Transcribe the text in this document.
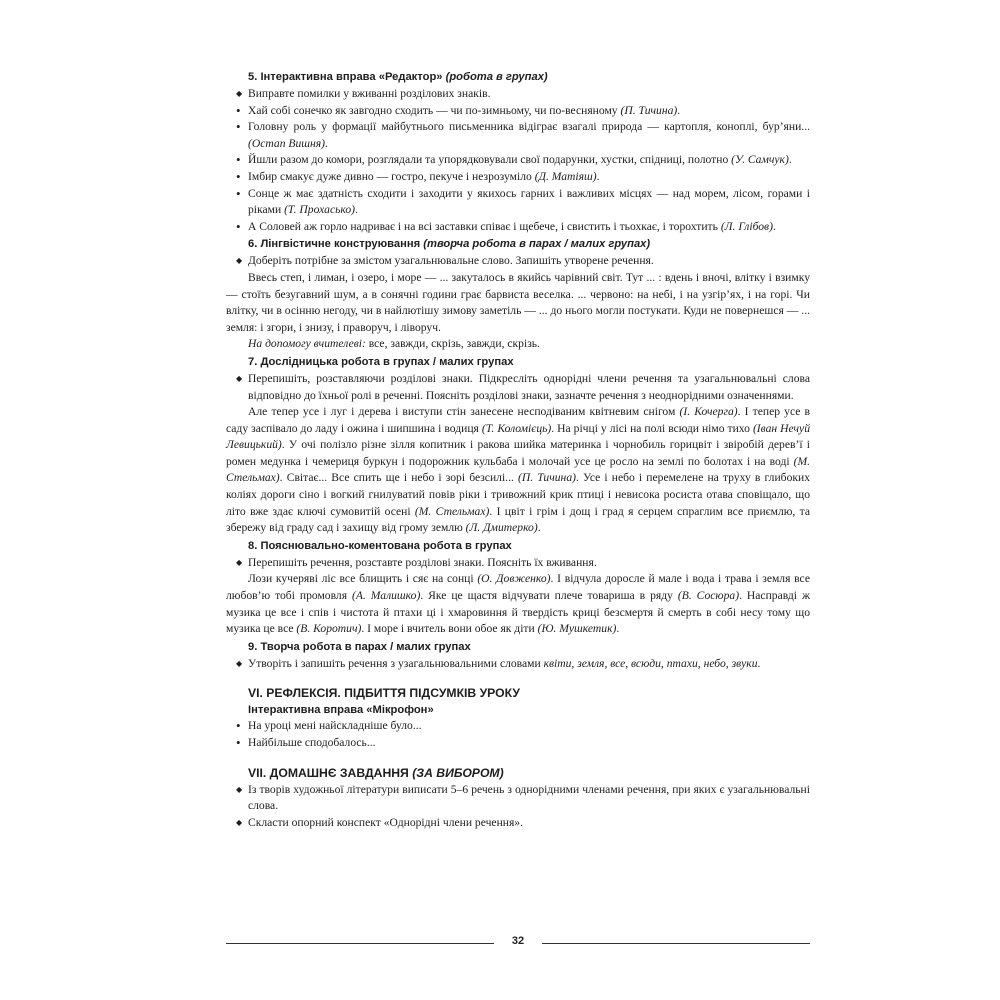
5. Інтерактивна вправа «Редактор» (робота в групах)
◆ Виправте помилки у вживанні розділових знаків.
• Хай собі сонечко як завгодно сходить — чи по-зимньому, чи по-весняному (П. Тичина).
• Головну роль у формації майбутнього письменника відіграє взагалі природа — картопля, коноплі, бур’яни... (Остап Вишня).
• Йшли разом до комори, розглядали та упорядковували свої подарунки, хустки, спідниці, полотно (У. Самчук).
• Імбир смакує дуже дивно — гостро, пекуче і незрозуміло (Д. Матіяш).
• Сонце ж має здатність сходити і заходити у якихось гарних і важливих місцях — над морем, лісом, горами і ріками (Т. Прохасько).
• А Соловей аж горло надриває і на всі заставки співає і щебече, і свистить і тьохкає, і торохтить (Л. Глібов).
6. Лінгвістичне конструювання (творча робота в парах / малих групах)
◆ Доберіть потрібне за змістом узагальнювальне слово. Запишіть утворене речення.
Ввесь степ, і лиман, і озеро, і море — ... закуталось в якийсь чарівний світ. Тут ... : вдень і вночі, влітку і взимку — стоїть безугавний шум, а в сонячні години грає барвиста веселка. ... червоно: на небі, і на узгір’ях, і на горі. Чи влітку, чи в осінню негоду, чи в найлютішу зимову заметіль — ... до нього могли постукати. Куди не повернешся — ... земля: і згори, і знизу, і праворуч, і ліворуч.
На допомогу вчителеві: все, завжди, скрізь, завжди, скрізь.
7. Дослідницька робота в групах / малих групах
◆ Перепишіть, розставляючи розділові знаки. Підкресліть однорідні члени речення та узагальнювальні слова відповідно до їхньої ролі в реченні. Поясніть розділові знаки, зазначте речення з неоднорідними означеннями.
Але тепер усе і луг і дерева і виступи стін занесене несподіваним квітневим снігом (І. Кочерга). І тепер усе в саду заспівало до ладу і ожина і шипшина і водиця (Т. Коломієць). На річці у лісі на полі всюди німо тихо (Іван Нечуй Левицький). У очі полізло різне зілля копитник і ракова шийка материнка і чорнобиль горицвіт і звіробій дерев’ї і ромен медунка і чемериця буркун і подорожник кульбаба і молочай усе це росло на землі по болотах і на воді (М. Стельмах). Світає... Все спить ще і небо і зорі безсилі... (П. Тичина). Усе і небо і перемелене на труху в глибоких коліях дороги сіно і вогкий гнилуватий повів ріки і тривожний крик птиці і невисока росиста отава сповіщало, що літо вже здає ключі сумовитій осені (М. Стельмах). І цвіт і грім і дощ і град я серцем спраглим все приємлю, та збережу від граду сад і захищу від грому землю (Л. Дмитерко).
8. Пояснювально-коментована робота в групах
◆ Перепишіть речення, розставте розділові знаки. Поясніть їх вживання.
Лози кучеряві ліс все блищить і сяє на сонці (О. Довженко). І відчула доросле й мале і вода і трава і земля все любов’ю тобі промовля (А. Малишко). Яке це щастя відчувати плече товариша в ряду (В. Сосюра). Насправді ж музика це все і спів і чистота й птахи ці і хмаровиння й твердість криці безсмертя й смерть в собі несу тому що музика це все (В. Коротич). І море і вчитель вони обое як діти (Ю. Мушкетик).
9. Творча робота в парах / малих групах
◆ Утворіть і запишіть речення з узагальнювальними словами квіти, земля, все, всюди, птахи, небо, звуки.
VI. РЕФЛЕКСІЯ. ПІДБИТТЯ ПІДСУМКІВ УРОКУ
Інтерактивна вправа «Мікрофон»
• На уроці мені найскладніше було...
• Найбільше сподобалось...
VII. ДОМАШНЄ ЗАВДАННЯ (ЗА ВИБОРОМ)
◆ Із творів художньої літератури виписати 5–6 речень з однорідними членами речення, при яких є узагальнювальні слова.
◆ Скласти опорний конспект «Однорідні члени речення».
32
